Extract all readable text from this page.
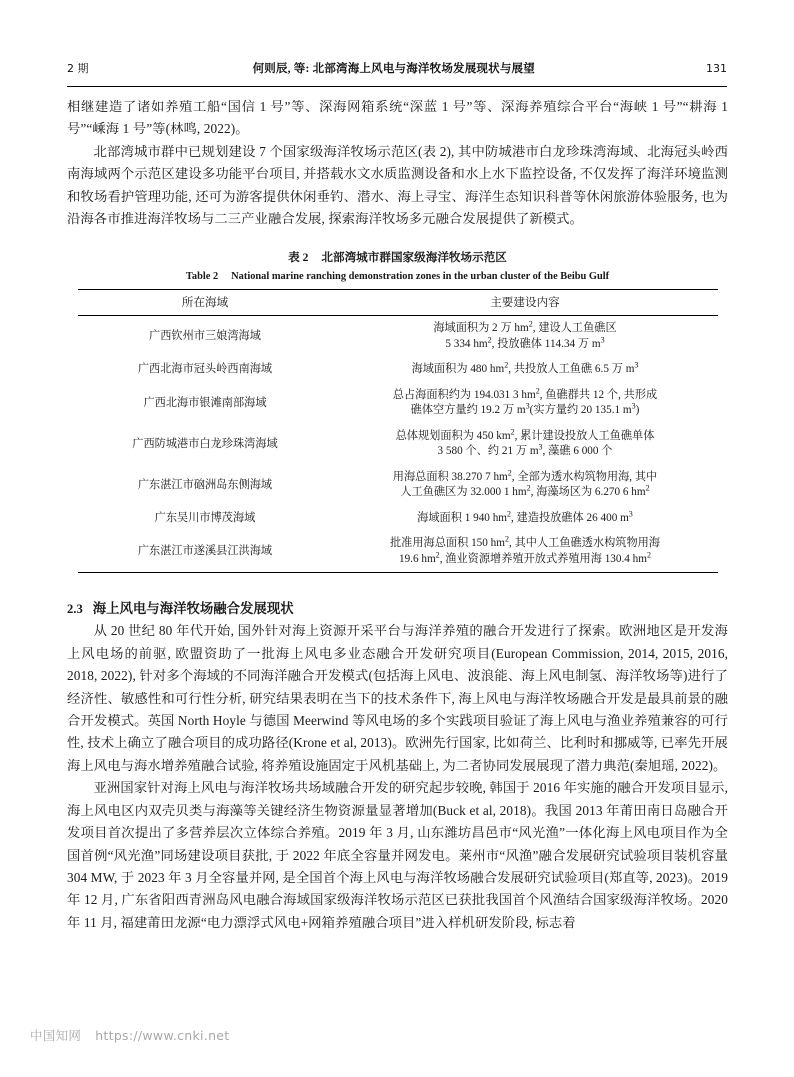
2 期	何则辰, 等: 北部湾海上风电与海洋牧场发展现状与展望	131

相继建造了诸如养殖工船“国信 1 号”等、深海网箱系统“深蓝 1 号”等、深海养殖综合平台“海峡 1 号”“耕海 1 号”“嵊海 1 号”等(林鸣, 2022)。

北部湾城市群中已规划建设 7 个国家级海洋牧场示范区(表 2), 其中防城港市白龙珍珠湾海域、北海冠头岭西南海域两个示范区建设多功能平台项目, 并搭载水文水质监测设备和水上水下监控设备, 不仅发挥了海洋环境监测和牧场看护管理功能, 还可为游客提供休闲垂钓、潜水、海上寻宝、海洋生态知识科普等休闲旅游体验服务, 也为沿海各市推进海洋牧场与二三产业融合发展, 探索海洋牧场多元融合发展提供了新模式。

表 2 北部湾城市群国家级海洋牧场示范区
Table 2 National marine ranching demonstration zones in the urban cluster of the Beibu Gulf
所在海域	主要建设内容
广西钦州市三娘湾海域	海域面积为 2 万 $hm^2$, 建设人工鱼礁区
5 334 $hm^2$, 投放礁体 114.34 万 $m^3$
广西北海市冠头岭西南海域	海域面积为 480 $hm^2$, 共投放人工鱼礁 6.5 万 $m^3$
广西北海市银滩南部海域	总占海面积约为 194.031 3 $hm^2$, 鱼礁群共 12 个, 共形成
礁体空方量约 19.2 万 $m^3$(实方量约 20 135.1 $m^3$)
广西防城港市白龙珍珠湾海域	总体规划面积为 450 $km^2$, 累计建设投放人工鱼礁单体
3 580 个、约 21 万 $m^3$, 藻礁 6 000 个
广东湛江市硇洲岛东侧海域	用海总面积 38.270 7 $hm^2$, 全部为透水构筑物用海, 其中
人工鱼礁区为 32.000 1 $hm^2$, 海藻场区为 6.270 6 $hm^2$
广东吴川市博茂海域	海域面积 1 940 $hm^2$, 建造投放礁体 26 400 $m^3$
广东湛江市遂溪县江洪海域	批准用海总面积 150 $hm^2$, 其中人工鱼礁透水构筑物用海
19.6 $hm^2$, 渔业资源增养殖开放式养殖用海 130.4 $hm^2$
2.3 海上风电与海洋牧场融合发展现状

从 20 世纪 80 年代开始, 国外针对海上资源开采平台与海洋养殖的融合开发进行了探索。欧洲地区是开发海上风电场的前驱, 欧盟资助了一批海上风电多业态融合开发研究项目(European Commission, 2014, 2015, 2016, 2018, 2022), 针对多个海域的不同海洋融合开发模式(包括海上风电、波浪能、海上风电制氢、海洋牧场等)进行了经济性、敏感性和可行性分析, 研究结果表明在当下的技术条件下, 海上风电与海洋牧场融合开发是最具前景的融合开发模式。英国 North Hoyle 与德国 Meerwind 等风电场的多个实践项目验证了海上风电与渔业养殖兼容的可行性, 技术上确立了融合项目的成功路径(Krone et al, 2013)。欧洲先行国家, 比如荷兰、比利时和挪威等, 已率先开展海上风电与海水增养殖融合试验, 将养殖设施固定于风机基础上, 为二者协同发展展现了潜力典范(秦旭瑶, 2022)。

亚洲国家针对海上风电与海洋牧场共场域融合开发的研究起步较晚, 韩国于 2016 年实施的融合开发项目显示, 海上风电区内双壳贝类与海藻等关键经济生物资源量显著增加(Buck et al, 2018)。我国 2013 年莆田南日岛融合开发项目首次提出了多营养层次立体综合养殖。2019 年 3 月, 山东潍坊昌邑市“风光渔”一体化海上风电项目作为全国首例“风光渔”同场建设项目获批, 于 2022 年底全容量并网发电。莱州市“风渔”融合发展研究试验项目装机容量 304 MW, 于 2023 年 3 月全容量并网, 是全国首个海上风电与海洋牧场融合发展研究试验项目(郑直等, 2023)。2019 年 12 月, 广东省阳西青洲岛风电融合海域国家级海洋牧场示范区已获批我国首个风渔结合国家级海洋牧场。2020 年 11 月, 福建莆田龙源“电力漂浮式风电+网箱养殖融合项目”进入样机研发阶段, 标志着

中国知网 https://www.cnki.net
